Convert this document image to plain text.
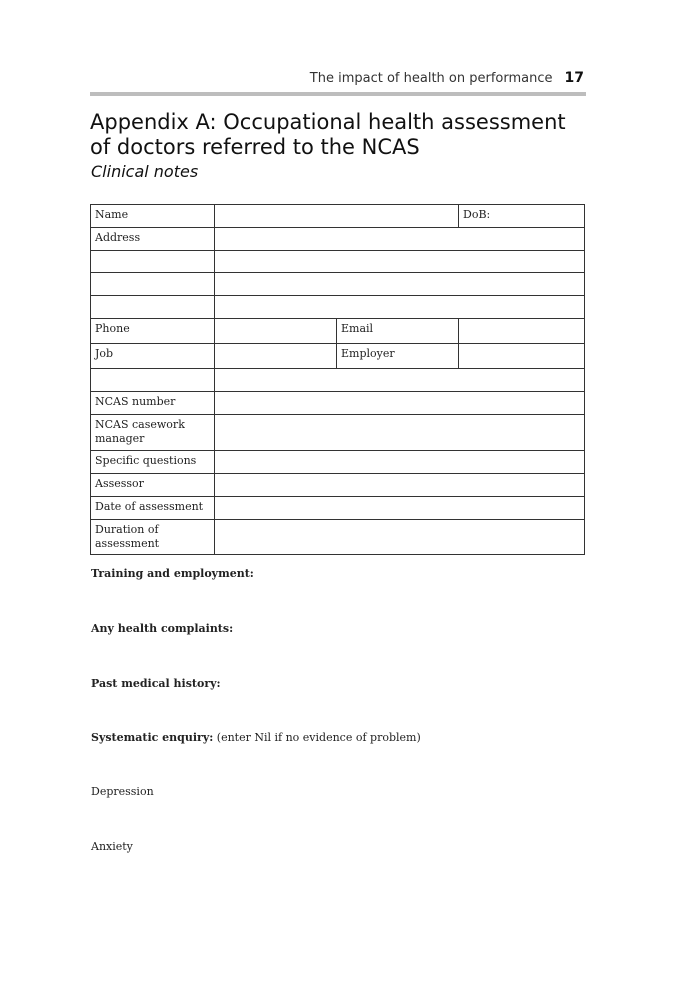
The impact of health on performance 17
Appendix A: Occupational health assessment of doctors referred to the NCAS
Clinical notes
Name			DoB:
Address			

Phone		Email	
Job		Employer	

NCAS number			
NCAS casework manager			
Specific questions			
Assessor			
Date of assessment			
Duration of assessment			
Training and employment:
Any health complaints:
Past medical history:
Systematic enquiry: (enter Nil if no evidence of problem)
Depression
Anxiety
